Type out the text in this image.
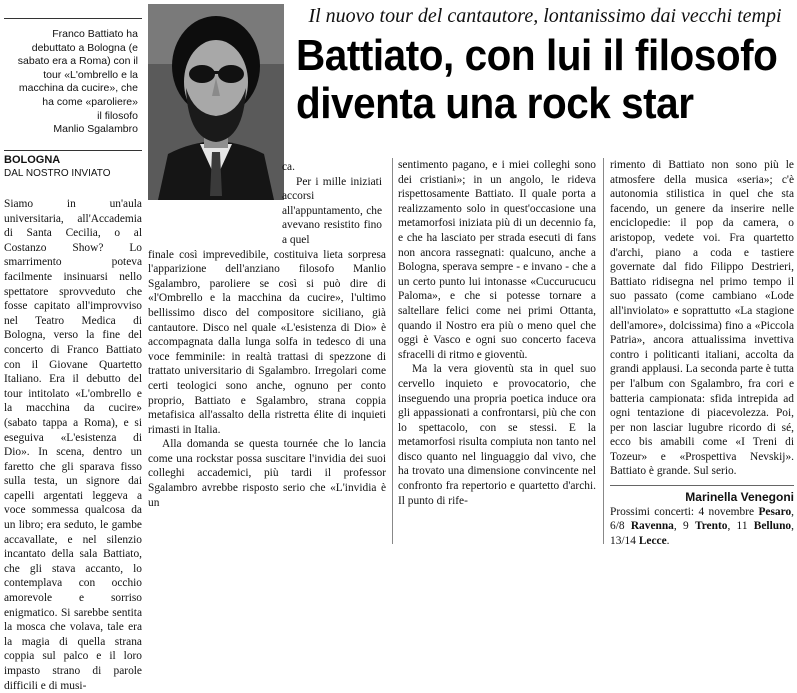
Franco Battiato ha
debuttato a Bologna (e
sabato era a Roma) con il
tour «L'ombrello e la
macchina da cucire», che
ha come «paroliere»
il filosofo
Manlio Sgalambro
Il nuovo tour del cantautore, lontanissimo dai vecchi tempi
Battiato, con lui il filosofo
diventa una rock star
BOLOGNA
DAL NOSTRO INVIATO

Siamo in un'aula universitaria, all'Accademia di Santa Cecilia, o al Costanzo Show? Lo smarrimento poteva facilmente insinuarsi nello spettatore sprovveduto che fosse capitato all'improvviso nel Teatro Medica di Bologna, verso la fine del concerto di Franco Battiato con il Giovane Quartetto Italiano. Era il debutto del tour intitolato «L'ombrello e la macchina da cucire» (sabato tappa a Roma), e si eseguiva «L'esistenza di Dio». In scena, dentro un faretto che gli sparava fisso sulla testa, un signore dai capelli argentati leggeva a voce sommessa qualcosa da un libro; era seduto, le gambe accavallate, e nel silenzio incantato della sala Battiato, che gli stava accanto, lo contemplava con occhio amorevole e sorriso enigmatico. Si sarebbe sentita la mosca che volava, tale era la magia di quella strana coppia sul palco e il loro impasto strano di parole difficili e di musi-

ca.
Per i mille iniziati accorsi all'appuntamento, che avevano resistito fino a quel

finale così imprevedibile, costituiva lieta sorpresa l'apparizione dell'anziano filosofo Manlio Sgalambro, paroliere se così si può dire di «l'Ombrello e la macchina da cucire», l'ultimo bellissimo disco del compositore siciliano, già cantautore. Disco nel quale «L'esistenza di Dio» è accompagnata dalla lunga solfa in tedesco di una voce femminile: in realtà trattasi di spezzone di trattato universitario di Sgalambro. Irregolari come certi teologici sono anche, ognuno per conto proprio, Battiato e Sgalambro, strana coppia metafisica all'assalto della ristretta élite di inquieti rimasti in Italia.

Alla domanda se questa tournée che lo lancia come una rockstar possa suscitare l'invidia dei suoi colleghi accademici, più tardi il professor Sgalambro avrebbe risposto serio che «L'invidia è un

sentimento pagano, e i miei colleghi sono dei cristiani»; in un angolo, le rideva rispettosamente Battiato. Il quale porta a realizzamento solo in quest'occasione una metamorfosi iniziata più di un decennio fa, e che ha lasciato per strada esecuti di fans non ancora rassegnati: qualcuno, anche a Bologna, sperava sempre - e invano - che a un certo punto lui intonasse «Cuccurucucu Paloma», e che si potesse tornare a saltellare felici come nei primi Ottanta, quando il Nostro era più o meno quel che oggi è Vasco e ogni suo concerto faceva sfracelli di ritmo e gioventù.

Ma la vera gioventù sta in quel suo cervello inquieto e provocatorio, che inseguendo una propria poetica induce ora gli appassionati a confrontarsi, più che con lo spettacolo, con se stessi. E la metamorfosi risulta compiuta non tanto nel disco quanto nel linguaggio dal vivo, che ha trovato una dimensione convincente nel confronto fra repertorio e quartetto d'archi. Il punto di rife-

rimento di Battiato non sono più le atmosfere della musica «seria»; c'è autonomia stilistica in quel che sta facendo, un genere da inserire nelle enciclopedie: il pop da camera, o aristopop, vedete voi. Fra quartetto d'archi, piano a coda e tastiere governate dal fido Filippo Destrieri, Battiato ridisegna nel primo tempo il suo passato (come cambiano «Lode all'inviolato» e soprattutto «La stagione dell'amore», dolcissima) fino a «Piccola Patria», ancora attualissima invettiva contro i politicanti italiani, accolta da grandi applausi. La seconda parte è tutta per l'album con Sgalambro, fra cori e batteria campionata: sfida intrepida ad ogni tentazione di piacevolezza. Poi, per non lasciar lugubre ricordo di sé, ecco bis amabili come «I Treni di Tozeur» e «Prospettiva Nevskij». Battiato è grande. Sul serio.

Marinella Venegoni

Prossimi concerti: 4 novembre Pesaro, 6/8 Ravenna, 9 Trento, 11 Belluno, 13/14 Lecce.
